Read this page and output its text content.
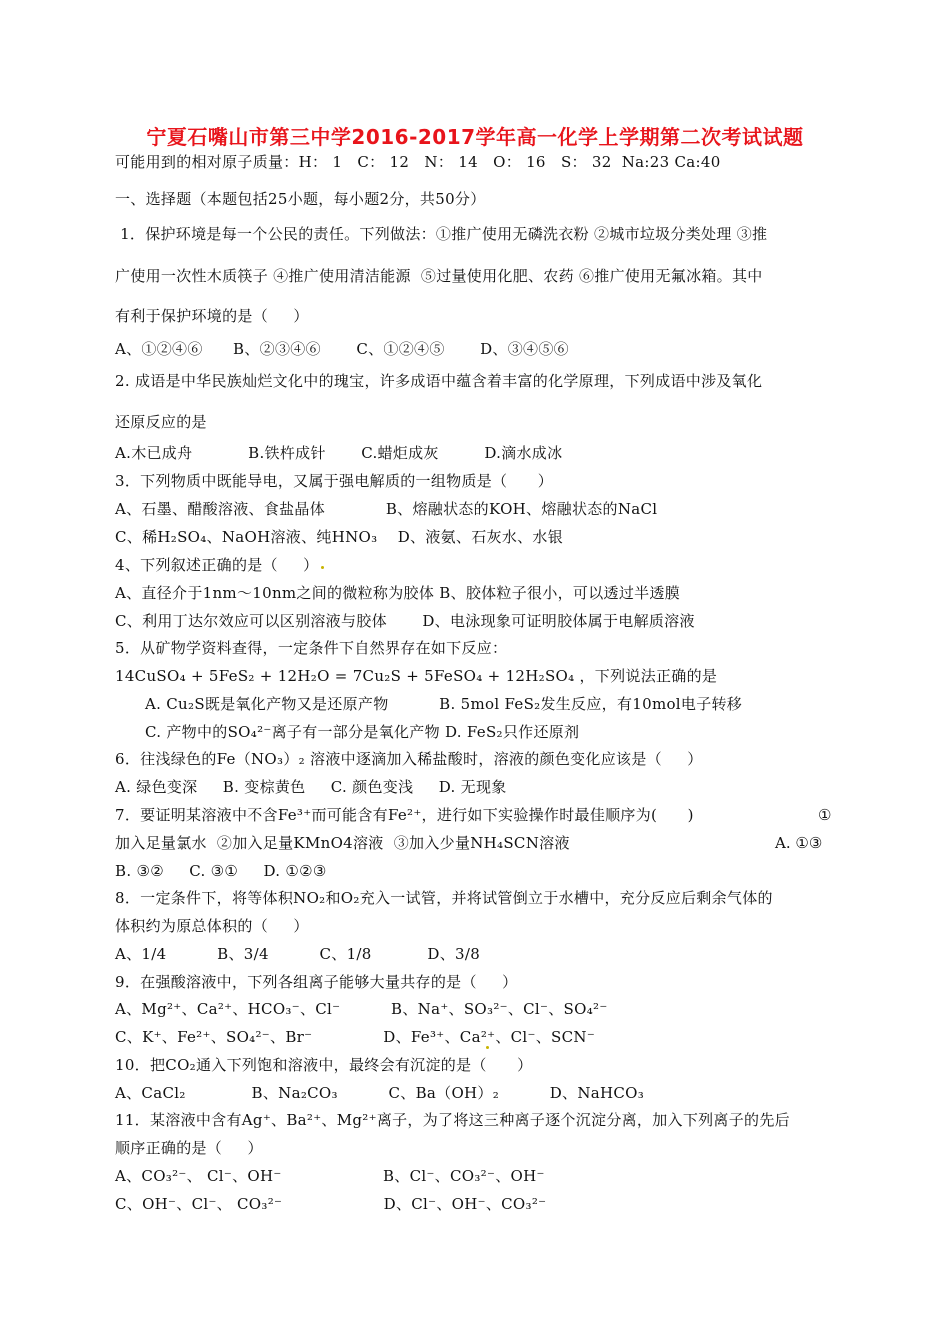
宁夏石嘴山市第三中学2016-2017学年高一化学上学期第二次考试试题
可能用到的相对原子质量：H： 1   C： 12   N： 14   O： 16   S： 32  Na:23 Ca:40
一、选择题（本题包括25小题，每小题2分，共50分）
1．保护环境是每一个公民的责任。下列做法：①推广使用无磷洗衣粉 ②城市垃圾分类处理 ③推
广使用一次性木质筷子 ④推广使用清洁能源  ⑤过量使用化肥、农药 ⑥推广使用无氟冰箱。其中
有利于保护环境的是（     ）
A、①②④⑥      B、②③④⑥       C、①②④⑤       D、③④⑤⑥
2. 成语是中华民族灿烂文化中的瑰宝，许多成语中蕴含着丰富的化学原理，下列成语中涉及氧化
还原反应的是
A.木已成舟           B.铁杵成针       C.蜡炬成灰         D.滴水成冰
3．下列物质中既能导电，又属于强电解质的一组物质是（      ）
A、石墨、醋酸溶液、食盐晶体            B、熔融状态的KOH、熔融状态的NaCl
C、稀H₂SO₄、NaOH溶液、纯HNO₃    D、液氨、石灰水、水银
4、下列叙述正确的是（     ）
A、直径介于1nm～10nm之间的微粒称为胶体 B、胶体粒子很小，可以透过半透膜
C、利用丁达尔效应可以区别溶液与胶体       D、电泳现象可证明胶体属于电解质溶液
5．从矿物学资料查得，一定条件下自然界存在如下反应：
14CuSO₄ + 5FeS₂ + 12H₂O = 7Cu₂S + 5FeSO₄ + 12H₂SO₄ ，下列说法正确的是
A. Cu₂S既是氧化产物又是还原产物          B. 5mol FeS₂发生反应，有10mol电子转移
C. 产物中的SO₄²⁻离子有一部分是氧化产物 D. FeS₂只作还原剂
6．往浅绿色的Fe（NO₃）₂ 溶液中逐滴加入稀盐酸时，溶液的颜色变化应该是（     ）
A. 绿色变深     B. 变棕黄色     C. 颜色变浅     D. 无现象
7．要证明某溶液中不含Fe³⁺而可能含有Fe²⁺，进行如下实验操作时最佳顺序为(      )	①
加入足量氯水  ②加入足量KMnO4溶液  ③加入少量NH₄SCN溶液	A. ①③
B. ③②     C. ③①     D. ①②③
8．一定条件下，将等体积NO₂和O₂充入一试管，并将试管倒立于水槽中，充分反应后剩余气体的
体积约为原总体积的（     ）
A、1/4          B、3/4          C、1/8           D、3/8
9．在强酸溶液中，下列各组离子能够大量共存的是（     ）
A、Mg²⁺、Ca²⁺、HCO₃⁻、Cl⁻          B、Na⁺、SO₃²⁻、Cl⁻、SO₄²⁻
C、K⁺、Fe²⁺、SO₄²⁻、Br⁻              D、Fe³⁺、Ca²⁺、Cl⁻、SCN⁻
10．把CO₂通入下列饱和溶液中，最终会有沉淀的是（      ）
A、CaCl₂             B、Na₂CO₃          C、Ba（OH）₂          D、NaHCO₃
11．某溶液中含有Ag⁺、Ba²⁺、Mg²⁺离子，为了将这三种离子逐个沉淀分离，加入下列离子的先后
顺序正确的是（     ）
A、CO₃²⁻、 Cl⁻、OH⁻                    B、Cl⁻、CO₃²⁻、OH⁻
C、OH⁻、Cl⁻、 CO₃²⁻                    D、Cl⁻、OH⁻、CO₃²⁻
